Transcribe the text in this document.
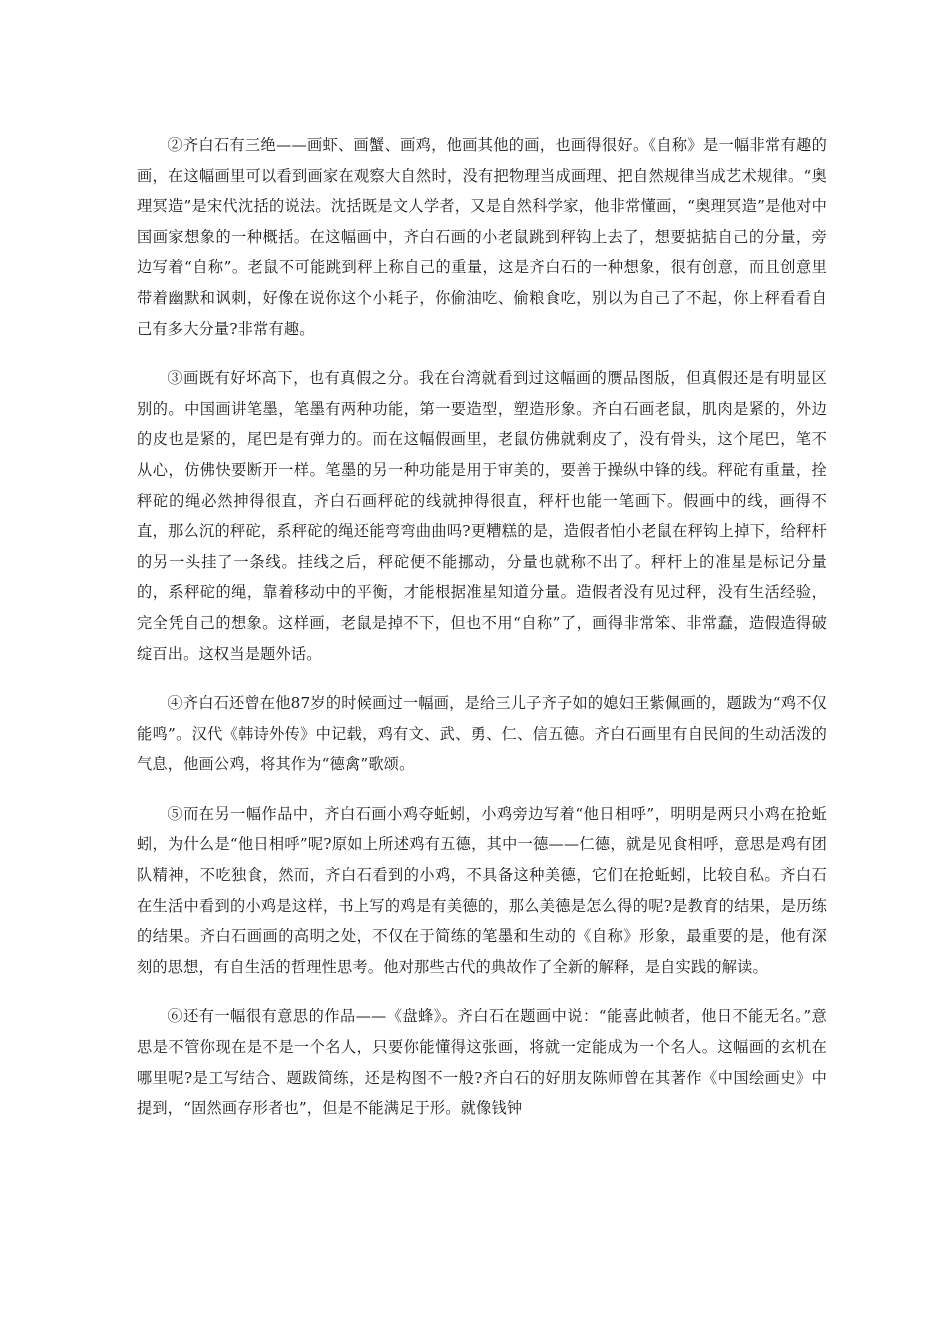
②齐白石有三绝——画虾、画蟹、画鸡，他画其他的画，也画得很好。《自称》是一幅非常有趣的画，在这幅画里可以看到画家在观察大自然时，没有把物理当成画理、把自然规律当成艺术规律。“奥理冥造”是宋代沈括的说法。沈括既是文人学者，又是自然科学家，他非常懂画，“奥理冥造”是他对中国画家想象的一种概括。在这幅画中，齐白石画的小老鼠跳到秤钩上去了，想要掂掂自己的分量，旁边写着“自称”。老鼠不可能跳到秤上称自己的重量，这是齐白石的一种想象，很有创意，而且创意里带着幽默和讽刺，好像在说你这个小耗子，你偷油吃、偷粮食吃，别以为自己了不起，你上秤看看自己有多大分量?非常有趣。

③画既有好坏高下，也有真假之分。我在台湾就看到过这幅画的赝品图版，但真假还是有明显区别的。中国画讲笔墨，笔墨有两种功能，第一要造型，塑造形象。齐白石画老鼠，肌肉是紧的，外边的皮也是紧的，尾巴是有弹力的。而在这幅假画里，老鼠仿佛就剩皮了，没有骨头，这个尾巴，笔不从心，仿佛快要断开一样。笔墨的另一种功能是用于审美的，要善于操纵中锋的线。秤砣有重量，拴秤砣的绳必然抻得很直，齐白石画秤砣的线就抻得很直，秤杆也能一笔画下。假画中的线，画得不直，那么沉的秤砣，系秤砣的绳还能弯弯曲曲吗?更糟糕的是，造假者怕小老鼠在秤钩上掉下，给秤杆的另一头挂了一条线。挂线之后，秤砣便不能挪动，分量也就称不出了。秤杆上的准星是标记分量的，系秤砣的绳，靠着移动中的平衡，才能根据准星知道分量。造假者没有见过秤，没有生活经验，完全凭自己的想象。这样画，老鼠是掉不下，但也不用“自称”了，画得非常笨、非常蠢，造假造得破绽百出。这权当是题外话。

④齐白石还曾在他87岁的时候画过一幅画，是给三儿子齐子如的媳妇王紫佩画的，题跋为“鸡不仅能鸣”。汉代《韩诗外传》中记载，鸡有文、武、勇、仁、信五德。齐白石画里有自民间的生动活泼的气息，他画公鸡，将其作为“德禽”歌颂。

⑤而在另一幅作品中，齐白石画小鸡夺蚯蚓，小鸡旁边写着“他日相呼”，明明是两只小鸡在抢蚯蚓，为什么是“他日相呼”呢?原如上所述鸡有五德，其中一德——仁德，就是见食相呼，意思是鸡有团队精神，不吃独食，然而，齐白石看到的小鸡，不具备这种美德，它们在抢蚯蚓，比较自私。齐白石在生活中看到的小鸡是这样，书上写的鸡是有美德的，那么美德是怎么得的呢?是教育的结果，是历练的结果。齐白石画画的高明之处，不仅在于简练的笔墨和生动的《自称》形象，最重要的是，他有深刻的思想，有自生活的哲理性思考。他对那些古代的典故作了全新的解释，是自实践的解读。

⑥还有一幅很有意思的作品——《盘蜂》。齐白石在题画中说：“能喜此帧者，他日不能无名。”意思是不管你现在是不是一个名人，只要你能懂得这张画，将就一定能成为一个名人。这幅画的玄机在哪里呢?是工写结合、题跋简练，还是构图不一般?齐白石的好朋友陈师曾在其著作《中国绘画史》中提到，“固然画存形者也”，但是不能满足于形。就像钱钟
